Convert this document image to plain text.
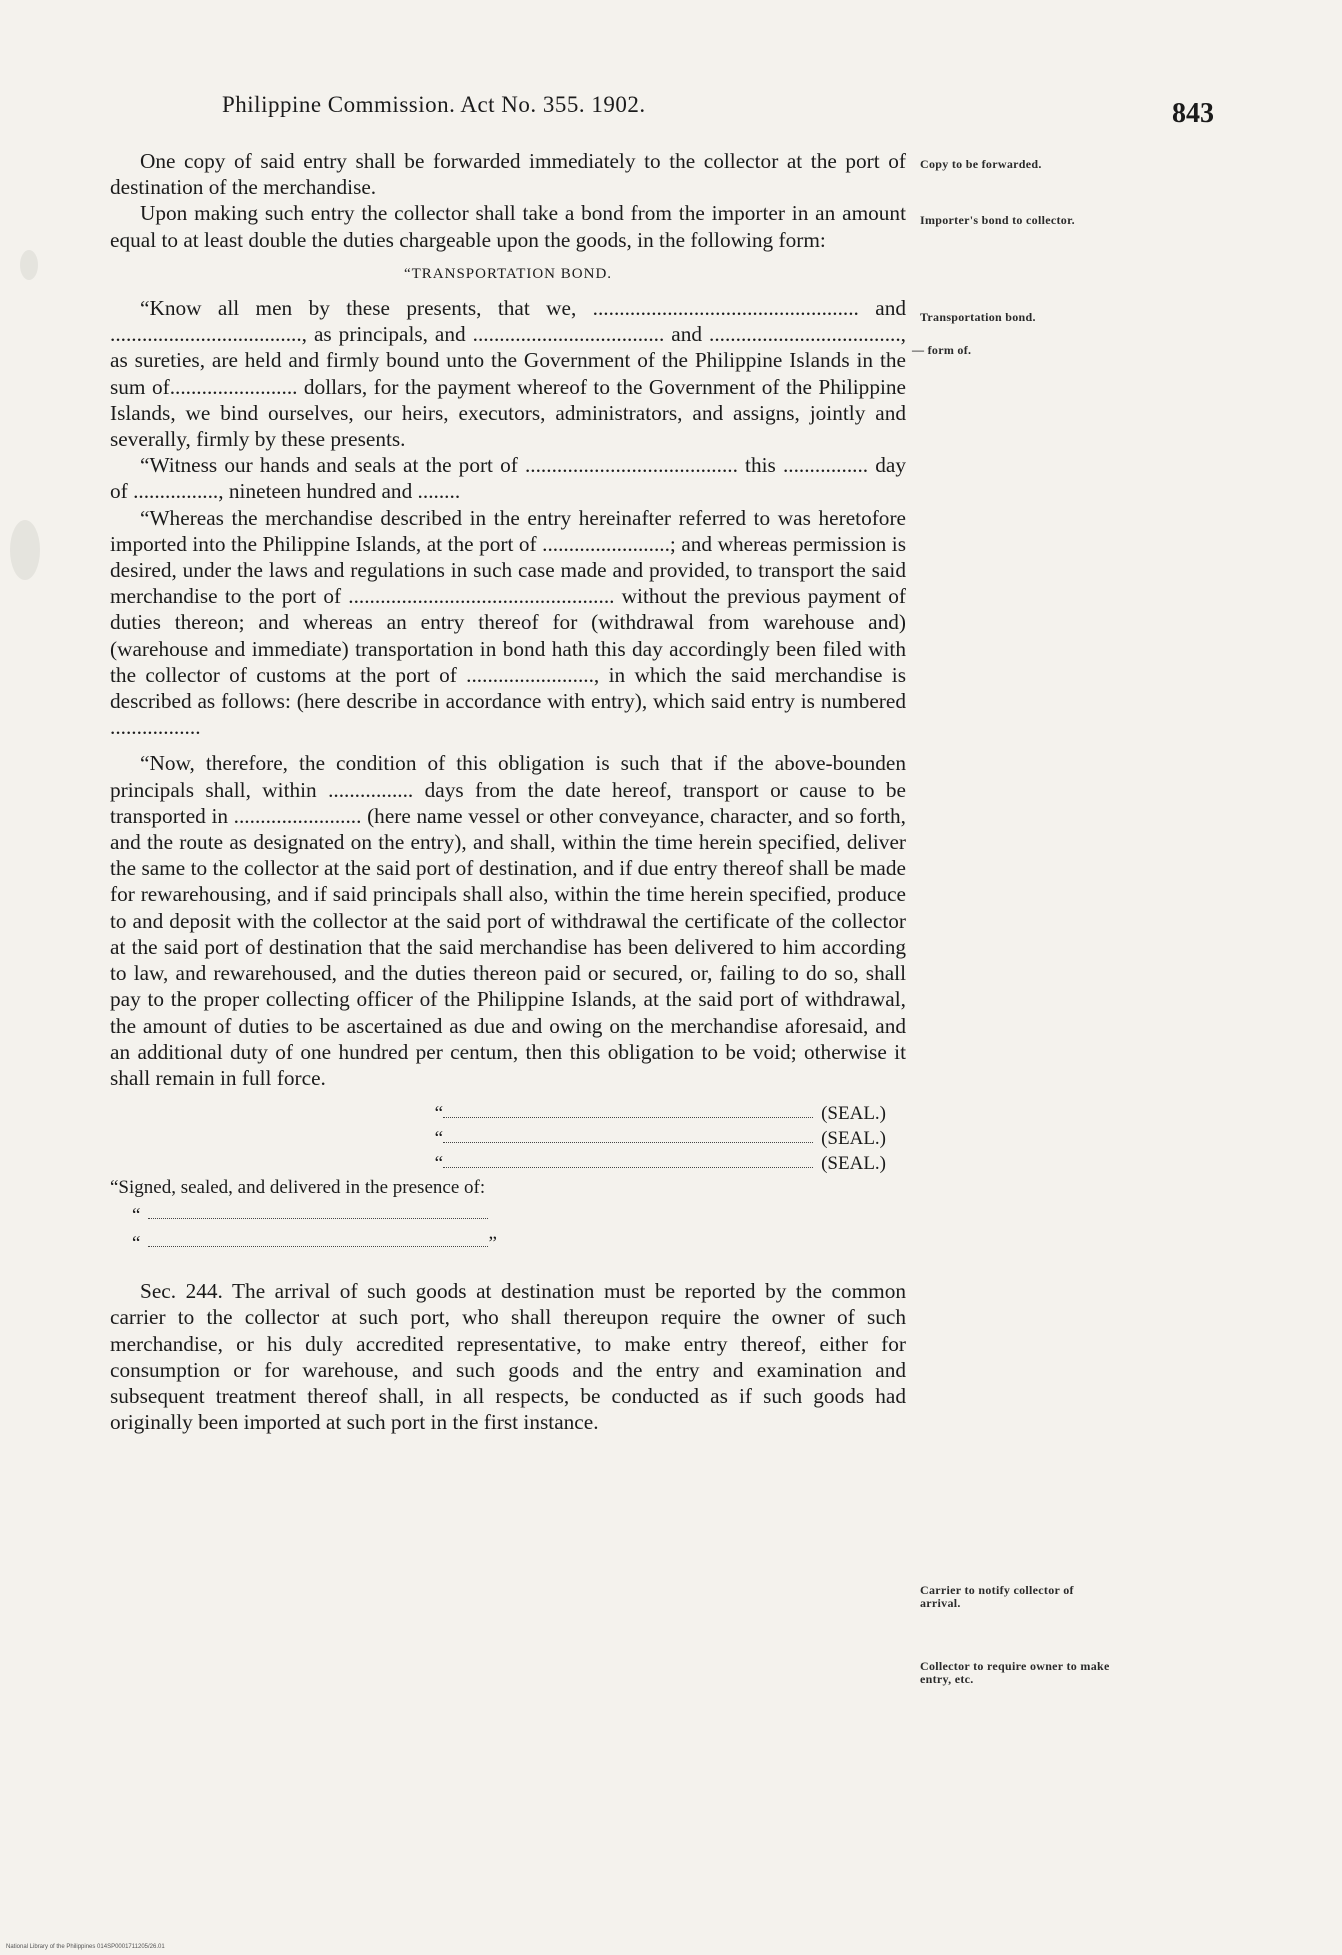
Philippine Commission. Act No. 355. 1902.	843

One copy of said entry shall be forwarded immediately to the collector at the port of destination of the merchandise.

Upon making such entry the collector shall take a bond from the importer in an amount equal to at least double the duties chargeable upon the goods, in the following form:

“TRANSPORTATION BOND.

“Know all men by these presents, that we, .................................................. and ...................................., as principals, and .................................... and ...................................., as sureties, are held and firmly bound unto the Government of the Philippine Islands in the sum of........................ dollars, for the payment whereof to the Government of the Philippine Islands, we bind ourselves, our heirs, executors, administrators, and assigns, jointly and severally, firmly by these presents.

“Witness our hands and seals at the port of ........................................ this ................ day of ................, nineteen hundred and ........

“Whereas the merchandise described in the entry hereinafter referred to was heretofore imported into the Philippine Islands, at the port of ........................; and whereas permission is desired, under the laws and regulations in such case made and provided, to transport the said merchandise to the port of .................................................. without the previous payment of duties thereon; and whereas an entry thereof for (withdrawal from warehouse and) (warehouse and immediate) transportation in bond hath this day accordingly been filed with the collector of customs at the port of ........................, in which the said merchandise is described as follows: (here describe in accordance with entry), which said entry is numbered .................

“Now, therefore, the condition of this obligation is such that if the above-bounden principals shall, within ................ days from the date hereof, transport or cause to be transported in ........................ (here name vessel or other conveyance, character, and so forth, and the route as designated on the entry), and shall, within the time herein specified, deliver the same to the collector at the said port of destination, and if due entry thereof shall be made for rewarehousing, and if said principals shall also, within the time herein specified, produce to and deposit with the collector at the said port of withdrawal the certificate of the collector at the said port of destination that the said merchandise has been delivered to him according to law, and rewarehoused, and the duties thereon paid or secured, or, failing to do so, shall pay to the proper collecting officer of the Philippine Islands, at the said port of withdrawal, the amount of duties to be ascertained as due and owing on the merchandise aforesaid, and an additional duty of one hundred per centum, then this obligation to be void; otherwise it shall remain in full force.

“	(SEAL.)
“	(SEAL.)
“	(SEAL.)

“Signed, sealed, and delivered in the presence of:

“
“	”

Sec. 244. The arrival of such goods at destination must be reported by the common carrier to the collector at such port, who shall thereupon require the owner of such merchandise, or his duly accredited representative, to make entry thereof, either for consumption or for warehouse, and such goods and the entry and examination and subsequent treatment thereof shall, in all respects, be conducted as if such goods had originally been imported at such port in the first instance.

Copy to be forwarded.
Importer's bond to collector.
Transportation bond.
— form of.
Carrier to notify collector of arrival.
Collector to require owner to make entry, etc.
National Library of the Philippines 014SP0001711205/26.01
